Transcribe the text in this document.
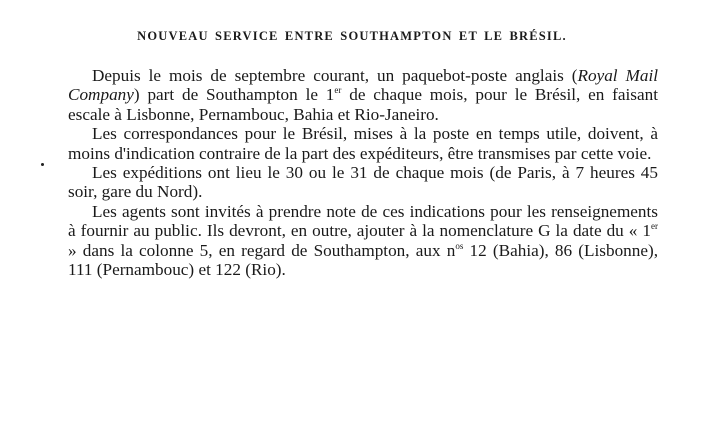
NOUVEAU SERVICE ENTRE SOUTHAMPTON ET LE BRÉSIL.

Depuis le mois de septembre courant, un paquebot-poste anglais (Royal Mail Company) part de Southampton le 1er de chaque mois, pour le Brésil, en faisant escale à Lisbonne, Pernambouc, Bahia et Rio-Janeiro.

Les correspondances pour le Brésil, mises à la poste en temps utile, doivent, à moins d'indication contraire de la part des expéditeurs, être transmises par cette voie.

Les expéditions ont lieu le 30 ou le 31 de chaque mois (de Paris, à 7 heures 45 soir, gare du Nord).

Les agents sont invités à prendre note de ces indications pour les renseignements à fournir au public. Ils devront, en outre, ajouter à la nomenclature G la date du « 1er » dans la colonne 5, en regard de Southampton, aux $n^{os}$ 12 (Bahia), 86 (Lisbonne), 111 (Pernambouc) et 122 (Rio).
